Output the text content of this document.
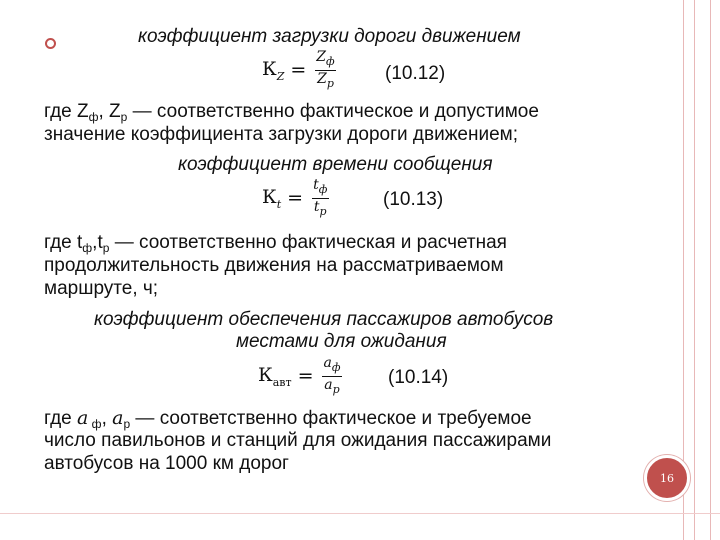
коэффициент загрузки дороги движением
$К_Z = \frac{Z_ф}{Z_р}$	(10.12)
где $Z_ф$, $Z_р$ — соответственно фактическое и допустимое
значение коэффициента загрузки дороги движением;
коэффициент времени сообщения
$К_t = \frac{t_ф}{t_р}$	(10.13)
где $t_ф,t_р$ — соответственно фактическая и расчетная
продолжительность движения на рассматриваемом
маршруте, ч;
коэффициент обеспечения пассажиров автобусов
местами для ожидания
$К_{авт} = \frac{a_ф}{a_р} (10.14)$
где a $_ф$, $a_р$ — соответственно фактическое и требуемое
число павильонов и станций для ожидания пассажирами
автобусов на 1000 км дорог
16
